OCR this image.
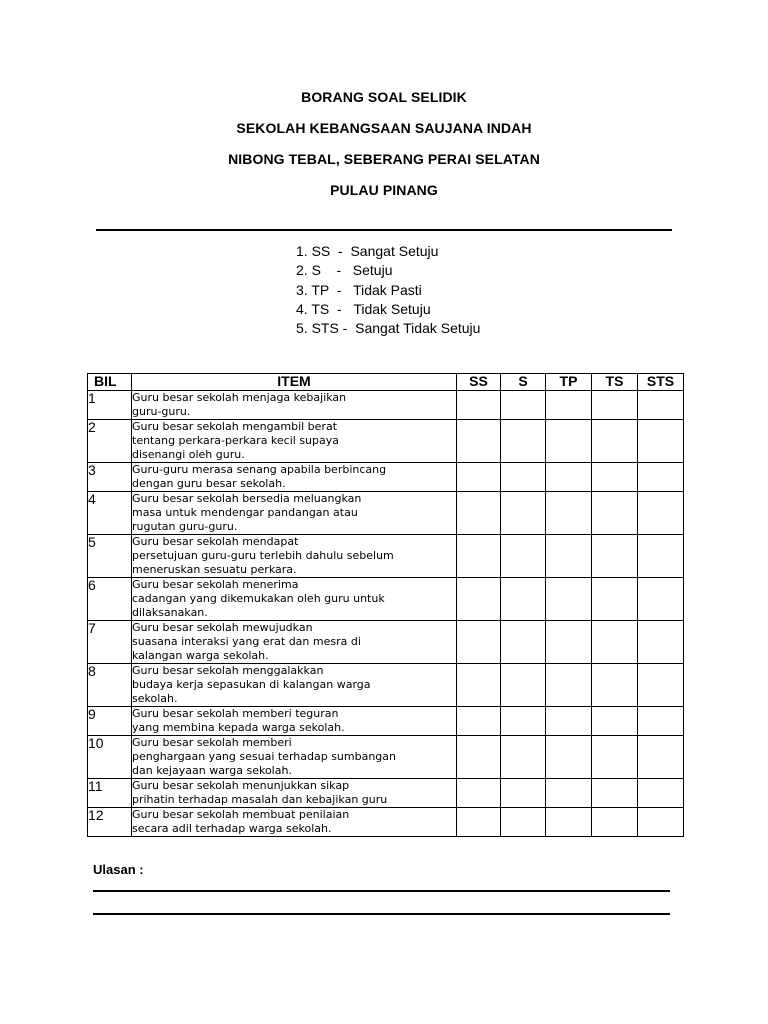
BORANG SOAL SELIDIK
SEKOLAH KEBANGSAAN SAUJANA INDAH
NIBONG TEBAL, SEBERANG PERAI SELATAN
PULAU PINANG
1. SS  - Sangat Setuju
2. S    - Setuju
3. TP  - Tidak Pasti
4. TS  - Tidak Setuju
5. STS - Sangat Tidak Setuju
BIL	ITEM	SS	S	TP	TS	STS
1	Guru besar sekolah menjaga kebajikan
guru-guru.					
2	Guru besar sekolah mengambil berat
tentang perkara-perkara kecil supaya
disenangi oleh guru.					
3	Guru-guru merasa senang apabila berbincang
dengan guru besar sekolah.					
4	Guru besar sekolah bersedia meluangkan
masa untuk mendengar pandangan atau
rugutan guru-guru.					
5	Guru besar sekolah mendapat
persetujuan guru-guru terlebih dahulu sebelum
meneruskan sesuatu perkara.					
6	Guru besar sekolah menerima
cadangan yang dikemukakan oleh guru untuk
dilaksanakan.					
7	Guru besar sekolah mewujudkan
suasana interaksi yang erat dan mesra di
kalangan warga sekolah.					
8	Guru besar sekolah menggalakkan
budaya kerja sepasukan di kalangan warga
sekolah.					
9	Guru besar sekolah memberi teguran
yang membina kepada warga sekolah.					
10	Guru besar sekolah memberi
penghargaan yang sesuai terhadap sumbangan
dan kejayaan warga sekolah.					
11	Guru besar sekolah menunjukkan sikap
prihatin terhadap masalah dan kebajikan guru					
12	Guru besar sekolah membuat penilaian
secara adil terhadap warga sekolah.					
Ulasan :
